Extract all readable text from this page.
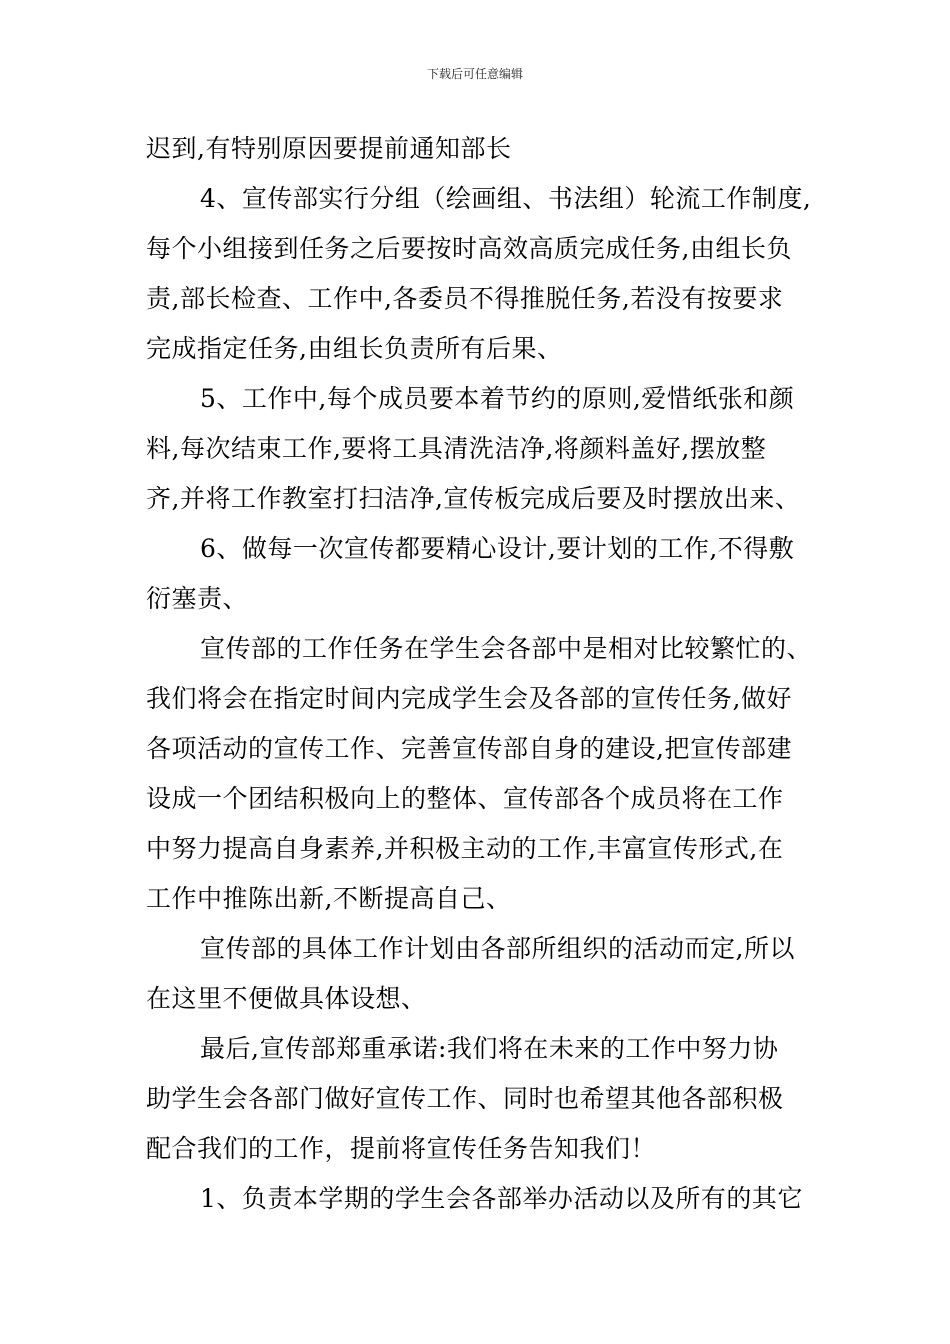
下载后可任意编辑
迟到,有特别原因要提前通知部长
4、宣传部实行分组（绘画组、书法组）轮流工作制度,
每个小组接到任务之后要按时高效高质完成任务,由组长负
责,部长检查、工作中,各委员不得推脱任务,若没有按要求
完成指定任务,由组长负责所有后果、
5、工作中,每个成员要本着节约的原则,爱惜纸张和颜
料,每次结束工作,要将工具清洗洁净,将颜料盖好,摆放整
齐,并将工作教室打扫洁净,宣传板完成后要及时摆放出来、
6、做每一次宣传都要精心设计,要计划的工作,不得敷
衍塞责、
宣传部的工作任务在学生会各部中是相对比较繁忙的、
我们将会在指定时间内完成学生会及各部的宣传任务,做好
各项活动的宣传工作、完善宣传部自身的建设,把宣传部建
设成一个团结积极向上的整体、宣传部各个成员将在工作
中努力提高自身素养,并积极主动的工作,丰富宣传形式,在
工作中推陈出新,不断提高自己、
宣传部的具体工作计划由各部所组织的活动而定,所以
在这里不便做具体设想、
最后,宣传部郑重承诺:我们将在未来的工作中努力协
助学生会各部门做好宣传工作、同时也希望其他各部积极
配合我们的工作，提前将宣传任务告知我们！
1、负责本学期的学生会各部举办活动以及所有的其它
